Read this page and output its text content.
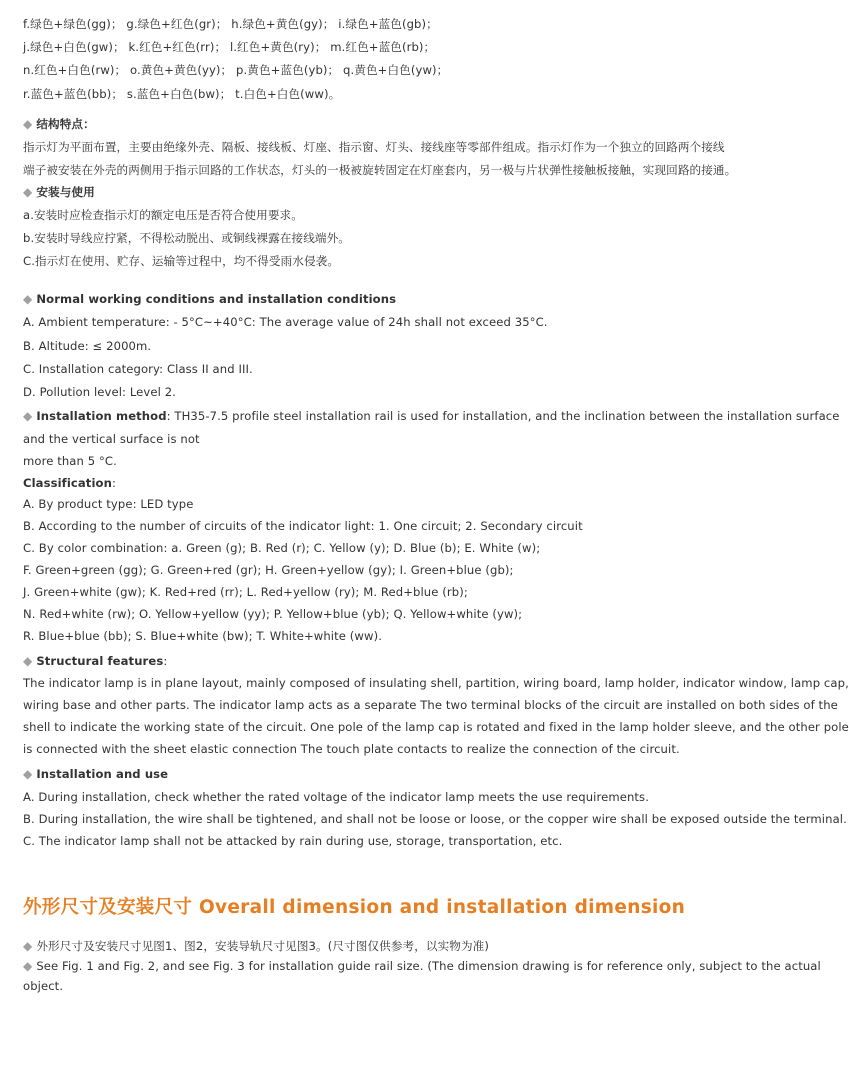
f.绿色+绿色(gg)； g.绿色+红色(gr)； h.绿色+黄色(gy)； i.绿色+蓝色(gb)；
j.绿色+白色(gw)； k.红色+红色(rr)； l.红色+黄色(ry)； m.红色+蓝色(rb)；
n.红色+白色(rw)； o.黄色+黄色(yy)； p.黄色+蓝色(yb)； q.黄色+白色(yw)；
r.蓝色+蓝色(bb)； s.蓝色+白色(bw)； t.白色+白色(ww)。
◆ 结构特点：
指示灯为平面布置，主要由绝缘外壳、隔板、接线板、灯座、指示窗、灯头、接线座等零部件组成。指示灯作为一个独立的回路两个接线
端子被安装在外壳的两侧用于指示回路的工作状态，灯头的一极被旋转固定在灯座套内，另一极与片状弹性接触板接触，实现回路的接通。
◆ 安装与使用
a.安装时应检查指示灯的额定电压是否符合使用要求。
b.安装时导线应拧紧，不得松动脱出、或铜线裸露在接线端外。
C.指示灯在使用、贮存、运输等过程中，均不得受雨水侵袭。
◆ Normal working conditions and installation conditions
A. Ambient temperature: - 5°C~+40°C: The average value of 24h shall not exceed 35°C.
B. Altitude: ≤ 2000m.
C. Installation category: Class II and III.
D. Pollution level: Level 2.
◆ Installation method: TH35-7.5 profile steel installation rail is used for installation, and the inclination between the installation surface
and the vertical surface is not
more than 5 °C.
Classification:
A. By product type: LED type
B. According to the number of circuits of the indicator light: 1. One circuit; 2. Secondary circuit
C. By color combination: a. Green (g); B. Red (r); C. Yellow (y); D. Blue (b); E. White (w);
F. Green+green (gg); G. Green+red (gr); H. Green+yellow (gy); I. Green+blue (gb);
J. Green+white (gw); K. Red+red (rr); L. Red+yellow (ry); M. Red+blue (rb);
N. Red+white (rw); O. Yellow+yellow (yy); P. Yellow+blue (yb); Q. Yellow+white (yw);
R. Blue+blue (bb); S. Blue+white (bw); T. White+white (ww).
◆ Structural features:
The indicator lamp is in plane layout, mainly composed of insulating shell, partition, wiring board, lamp holder, indicator window, lamp cap,
wiring base and other parts. The indicator lamp acts as a separate The two terminal blocks of the circuit are installed on both sides of the
shell to indicate the working state of the circuit. One pole of the lamp cap is rotated and fixed in the lamp holder sleeve, and the other pole
is connected with the sheet elastic connection The touch plate contacts to realize the connection of the circuit.
◆ Installation and use
A. During installation, check whether the rated voltage of the indicator lamp meets the use requirements.
B. During installation, the wire shall be tightened, and shall not be loose or loose, or the copper wire shall be exposed outside the terminal.
C. The indicator lamp shall not be attacked by rain during use, storage, transportation, etc.
外形尺寸及安装尺寸 Overall dimension and installation dimension
◆ 外形尺寸及安装尺寸见图1、图2，安装导轨尺寸见图3。(尺寸图仅供参考，以实物为准)
◆ See Fig. 1 and Fig. 2, and see Fig. 3 for installation guide rail size. (The dimension drawing is for reference only, subject to the actual
object.
